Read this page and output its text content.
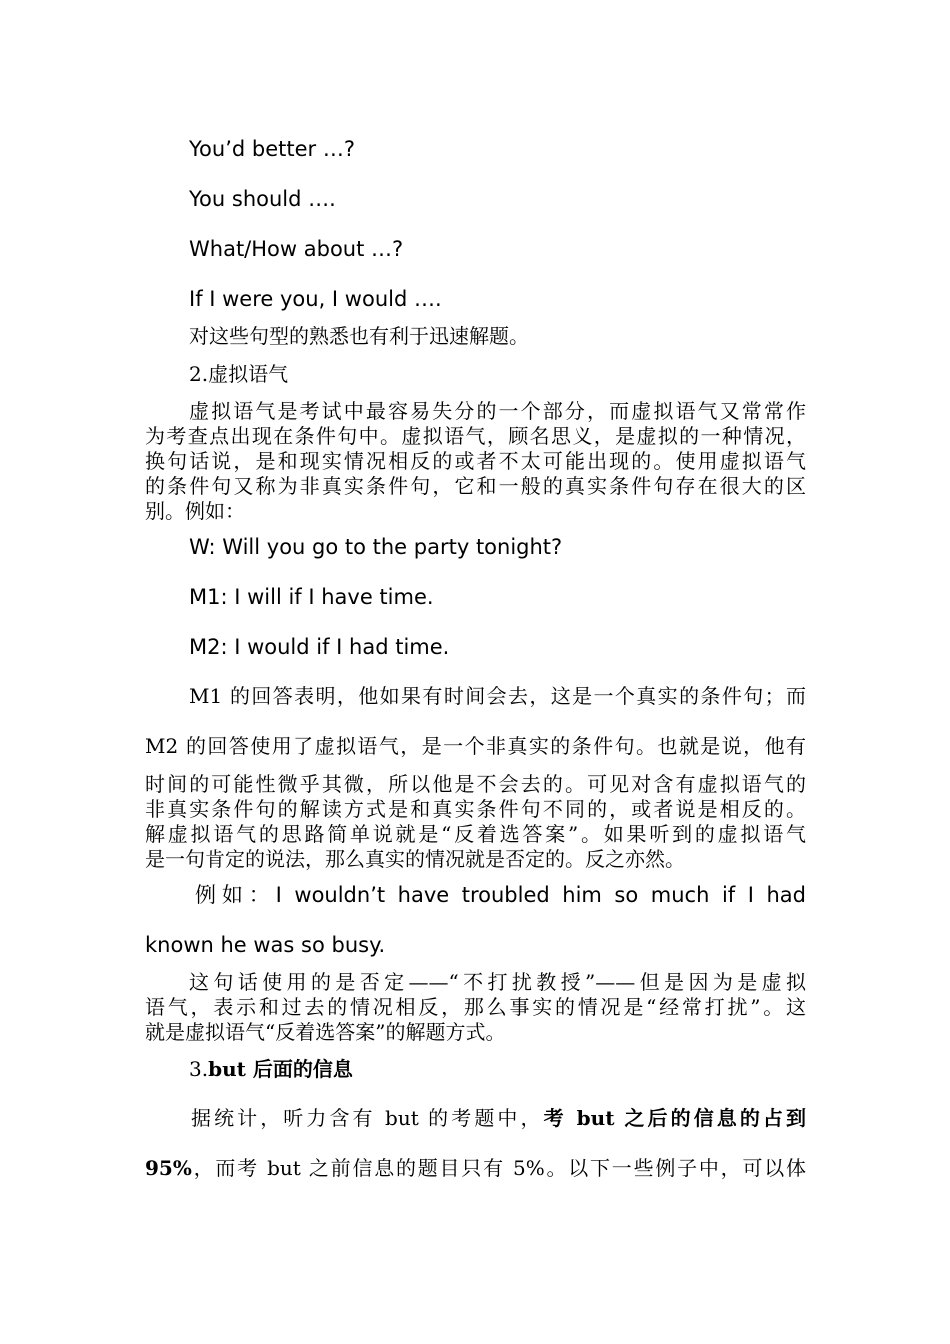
You’d better …?
You should ….
What/How about …?
If I were you, I would ….
对这些句型的熟悉也有利于迅速解题。
2.虚拟语气
虚拟语气是考试中最容易失分的一个部分，而虚拟语气又常常作
为考查点出现在条件句中。虚拟语气，顾名思义，是虚拟的一种情况，
换句话说，是和现实情况相反的或者不太可能出现的。使用虚拟语气
的条件句又称为非真实条件句，它和一般的真实条件句存在很大的区
别。例如：
W: Will you go to the party tonight?
M1: I will if I have time.
M2: I would if I had time.
M1 的回答表明，他如果有时间会去，这是一个真实的条件句；而
M2 的回答使用了虚拟语气，是一个非真实的条件句。也就是说，他有
时间的可能性微乎其微，所以他是不会去的。可见对含有虚拟语气的
非真实条件句的解读方式是和真实条件句不同的，或者说是相反的。
解虚拟语气的思路简单说就是“反着选答案”。如果听到的虚拟语气
是一句肯定的说法，那么真实的情况就是否定的。反之亦然。
例如：I wouldn’t have troubled him so much if I had
known he was so busy.
这句话使用的是否定——“不打扰教授”——但是因为是虚拟
语气，表示和过去的情况相反，那么事实的情况是“经常打扰”。这
就是虚拟语气“反着选答案”的解题方式。
3.but 后面的信息
据统计，听力含有 but 的考题中，考 but 之后的信息的占到
95%，而考 but 之前信息的题目只有 5%。以下一些例子中，可以体
